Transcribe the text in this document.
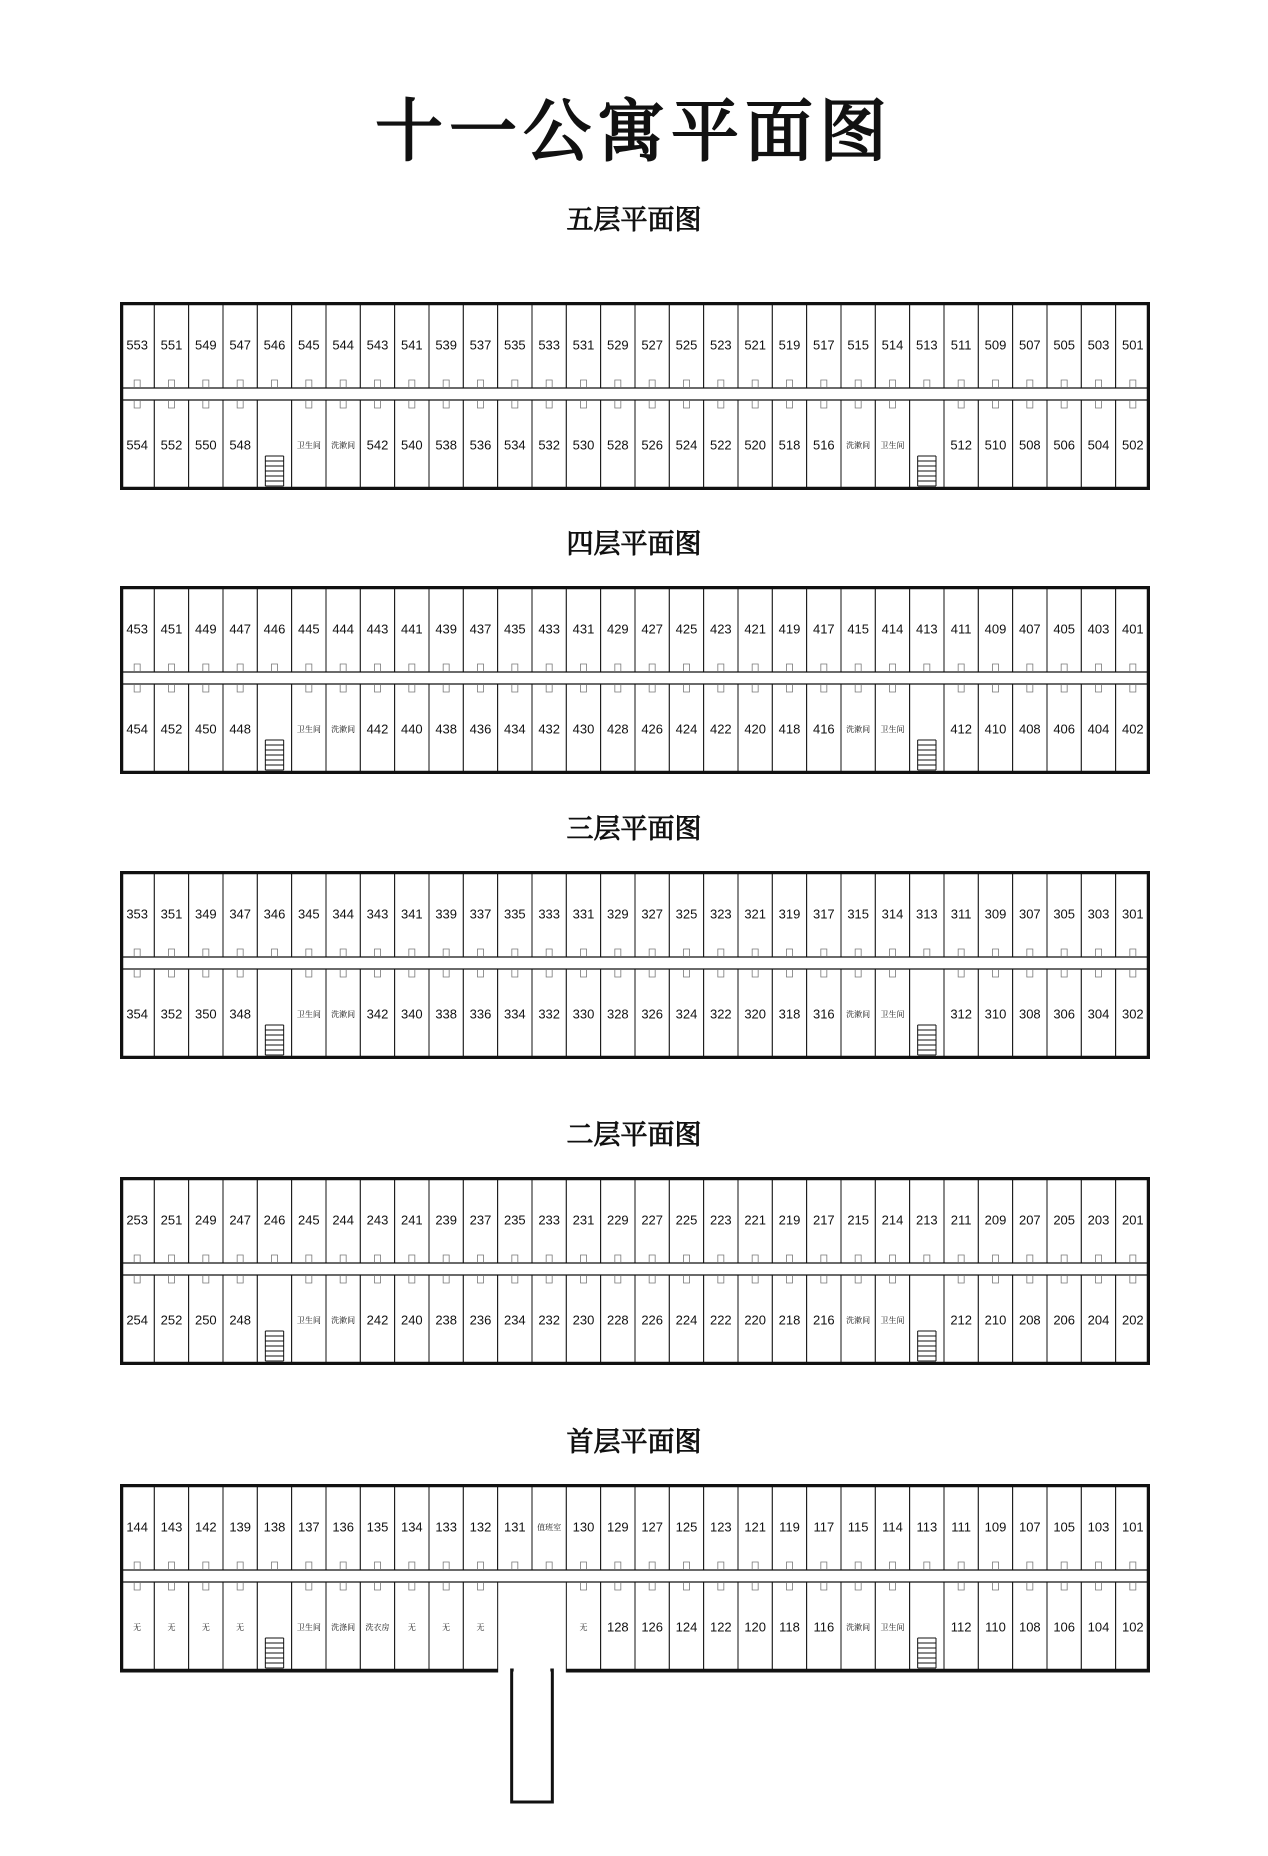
十一公寓平面图
五层平面图
553 551 549 547 546 545 544 543 541 539 537 535 533 531 529 527 525 523 521 519 517 515 514 513 511 509 507 505 503 501
554 552 550 548	卫生间 洗漱间 542 540 538 536 534 532 530 528 526 524 522 520 518 516 洗漱间 卫生间	512 510 508 506 504 502
四层平面图
453 451 449 447 446 445 444 443 441 439 437 435 433 431 429 427 425 423 421 419 417 415 414 413 411 409 407 405 403 401
454 452 450 448	卫生间 洗漱间 442 440 438 436 434 432 430 428 426 424 422 420 418 416 洗漱间 卫生间	412 410 408 406 404 402
三层平面图
353 351 349 347 346 345 344 343 341 339 337 335 333 331 329 327 325 323 321 319 317 315 314 313 311 309 307 305 303 301
354 352 350 348	卫生间 洗漱间 342 340 338 336 334 332 330 328 326 324 322 320 318 316 洗漱间 卫生间	312 310 308 306 304 302
二层平面图
253 251 249 247 246 245 244 243 241 239 237 235 233 231 229 227 225 223 221 219 217 215 214 213 211 209 207 205 203 201
254 252 250 248	卫生间 洗漱间 242 240 238 236 234 232 230 228 226 224 222 220 218 216 洗漱间 卫生间	212 210 208 206 204 202
首层平面图
144 143 142 139 138 137 136 135 134 133 132 131 值班室 130 129 127 125 123 121 119 117 115 114 113 111 109 107 105 103 101
无	无	无	无	卫生间 洗涤间 洗衣房 无	无	无	无 128 126 124 122 120 118 116 洗漱间 卫生间	112 110 108 106 104 102
